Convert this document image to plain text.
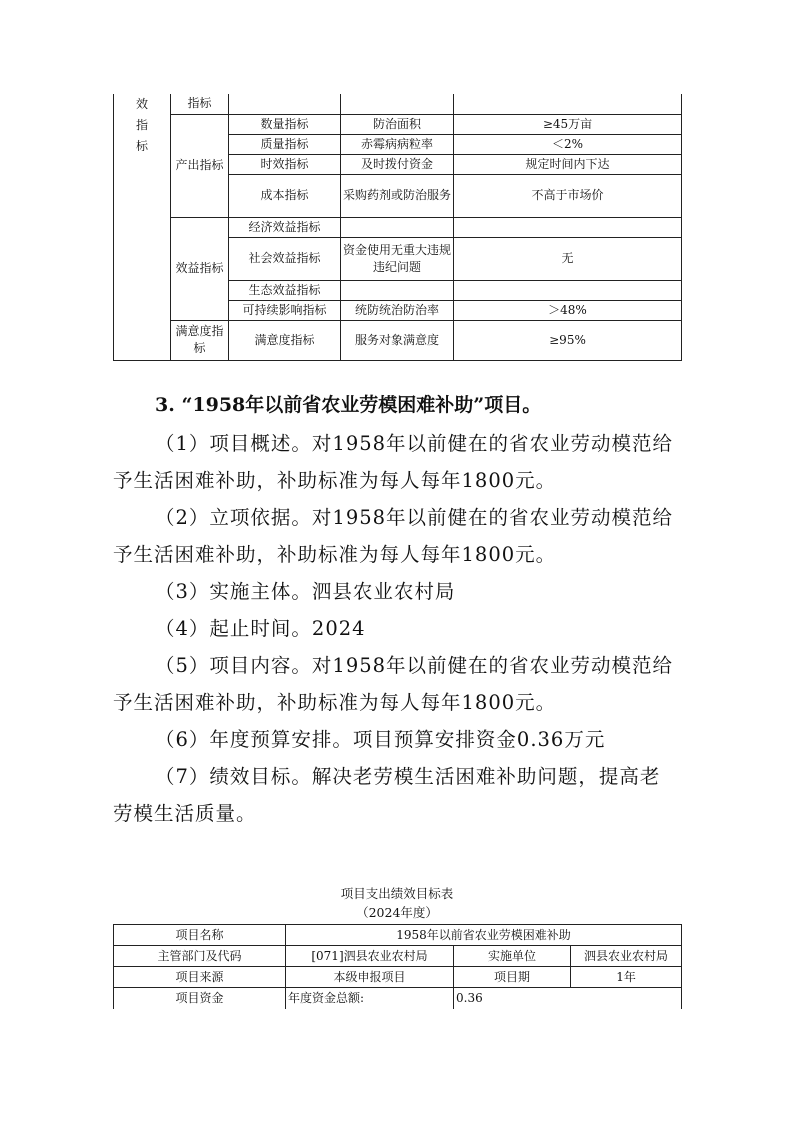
效
指
标	指标			
	产出指标	数量指标	防治面积	≥45万亩
		质量指标	赤霉病病粒率	＜2%
		时效指标	及时拨付资金	规定时间内下达
		成本指标	采购药剂或防治服务	不高于市场价
	效益指标	经济效益指标		
		社会效益指标	资金使用无重大违规违纪问题	无
		生态效益指标		
		可持续影响指标	统防统治防治率	＞48%
	满意度指标	满意度指标	服务对象满意度	≥95%
3. “1958年以前省农业劳模困难补助”项目。
（1）项目概述。对1958年以前健在的省农业劳动模范给
予生活困难补助，补助标准为每人每年1800元。
（2）立项依据。对1958年以前健在的省农业劳动模范给
予生活困难补助，补助标准为每人每年1800元。
（3）实施主体。泗县农业农村局
（4）起止时间。2024
（5）项目内容。对1958年以前健在的省农业劳动模范给
予生活困难补助，补助标准为每人每年1800元。
（6）年度预算安排。项目预算安排资金0.36万元
（7）绩效目标。解决老劳模生活困难补助问题，提高老
劳模生活质量。
项目支出绩效目标表
（2024年度）
项目名称	1958年以前省农业劳模困难补助		
主管部门及代码	[071]泗县农业农村局	实施单位	泗县农业农村局
项目来源	本级申报项目	项目期	1年
项目资金	年度资金总额:	0.36	
